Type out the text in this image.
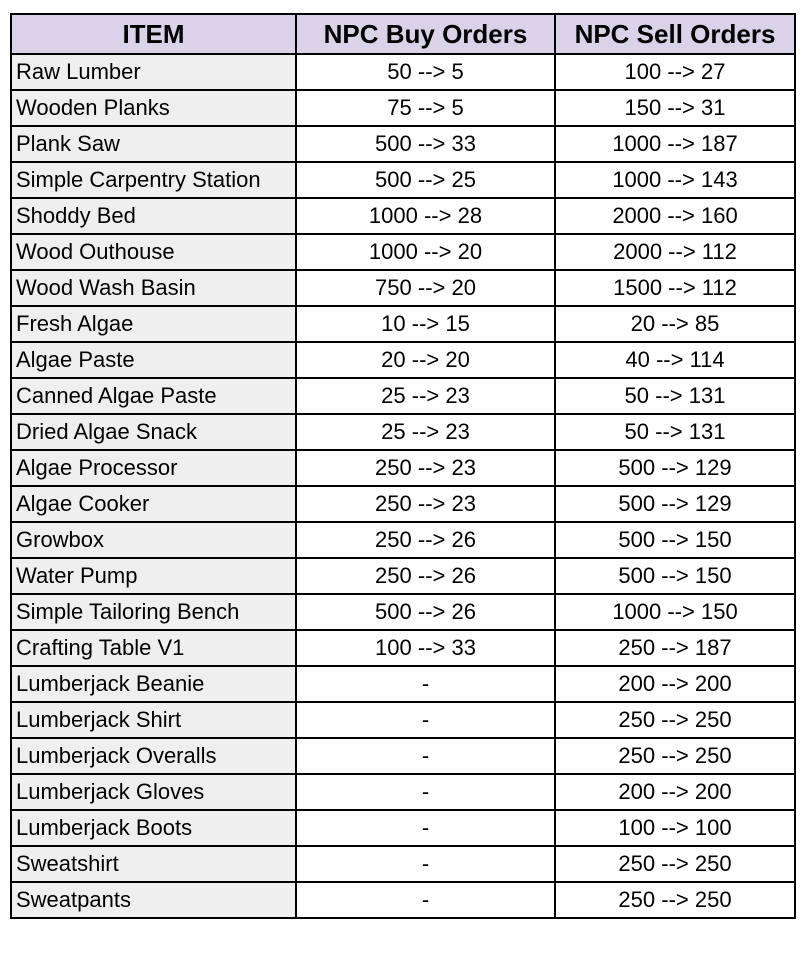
ITEM	NPC Buy Orders	NPC Sell Orders
Raw Lumber	50 --> 5	100 --> 27
Wooden Planks	75 --> 5	150 --> 31
Plank Saw	500 --> 33	1000 --> 187
Simple Carpentry Station	500 --> 25	1000 --> 143
Shoddy Bed	1000 --> 28	2000 --> 160
Wood Outhouse	1000 --> 20	2000 --> 112
Wood Wash Basin	750 --> 20	1500 --> 112
Fresh Algae	10 --> 15	20 --> 85
Algae Paste	20 --> 20	40 --> 114
Canned Algae Paste	25 --> 23	50 --> 131
Dried Algae Snack	25 --> 23	50 --> 131
Algae Processor	250 --> 23	500 --> 129
Algae Cooker	250 --> 23	500 --> 129
Growbox	250 --> 26	500 --> 150
Water Pump	250 --> 26	500 --> 150
Simple Tailoring Bench	500 --> 26	1000 --> 150
Crafting Table V1	100 --> 33	250 --> 187
Lumberjack Beanie	-	200 --> 200
Lumberjack Shirt	-	250 --> 250
Lumberjack Overalls	-	250 --> 250
Lumberjack Gloves	-	200 --> 200
Lumberjack Boots	-	100 --> 100
Sweatshirt	-	250 --> 250
Sweatpants	-	250 --> 250
